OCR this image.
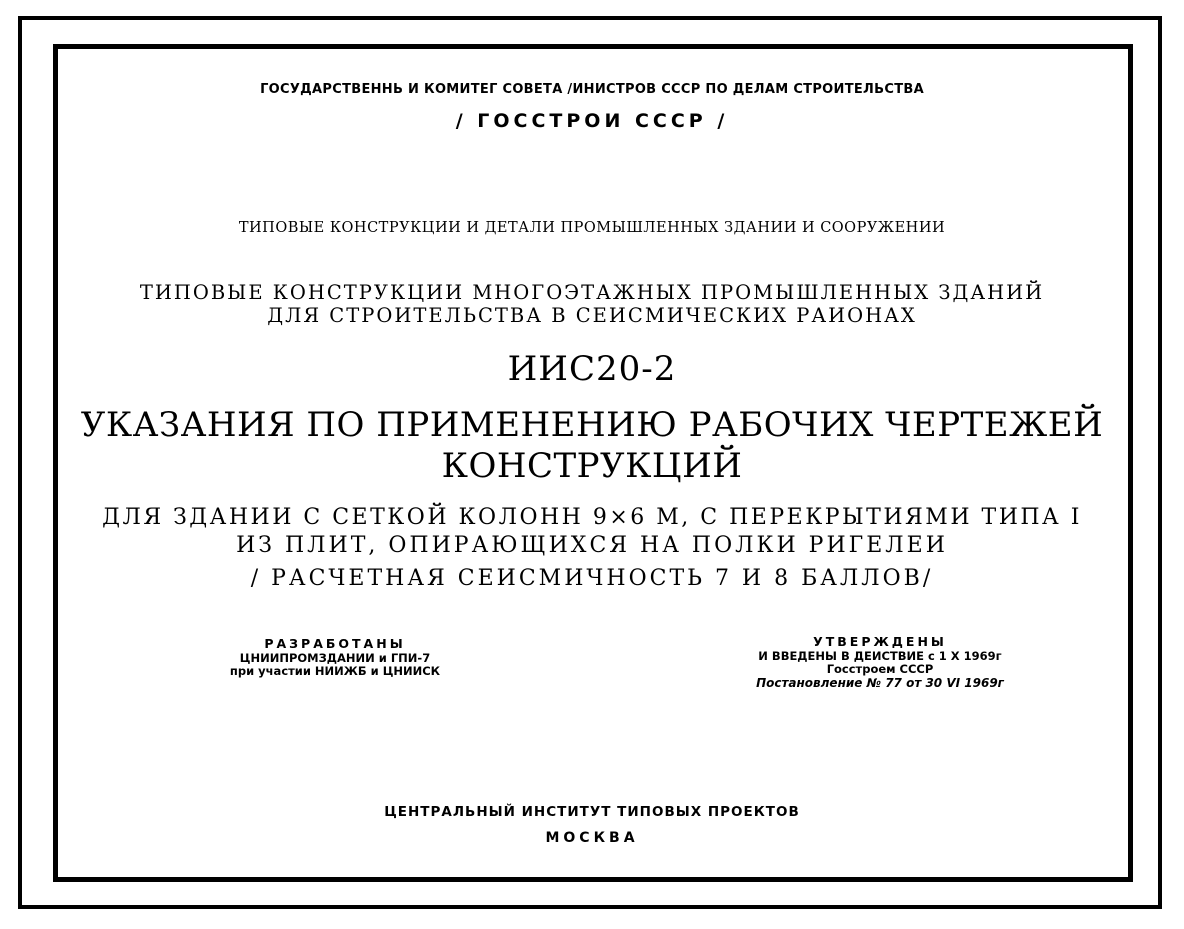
ГОСУДАРСТВЕННЬ И КОМИТЕГ СОВЕТА /ИНИСТРОВ СССР ПО ДЕЛАМ СТРОИТЕЛЬСТВА
/ ГОССТРОИ СССР /
ТИПОВЫЕ КОНСТРУКЦИИ И ДЕТАЛИ ПРОМЫШЛЕННЫХ ЗДАНИИ И СООРУЖЕНИИ
ТИПОВЫЕ КОНСТРУКЦИИ МНОГОЭТАЖНЫХ ПРОМЫШЛЕННЫХ ЗДАНИЙ
ДЛЯ СТРОИТЕЛЬСТВА В СЕИСМИЧЕСКИХ РАИОНАХ
ИИС20-2
УКАЗАНИЯ ПО ПРИМЕНЕНИЮ РАБОЧИХ ЧЕРТЕЖЕЙ
КОНСТРУКЦИЙ
ДЛЯ ЗДАНИИ С СЕТКОЙ КОЛОНН 9×6 М, С ПЕРЕКРЫТИЯМИ ТИПА I
ИЗ ПЛИТ, ОПИРАЮЩИХСЯ НА ПОЛКИ РИГЕЛЕИ
/ РАСЧЕТНАЯ СЕИСМИЧНОСТЬ 7 И 8 БАЛЛОВ/
РАЗРАБОТАНЫ
ЦНИИПРОМЗДАНИИ и ГПИ-7
при участии НИИЖБ и ЦНИИСК
УТВЕРЖДЕНЫ
И ВВЕДЕНЫ В ДЕИСТВИЕ с 1 X 1969г
Госстроем СССР
Постановление № 77 от 30 VI 1969г
ЦЕНТРАЛЬНЫЙ ИНСТИТУТ ТИПОВЫХ ПРОЕКТОВ
МОСКВА
